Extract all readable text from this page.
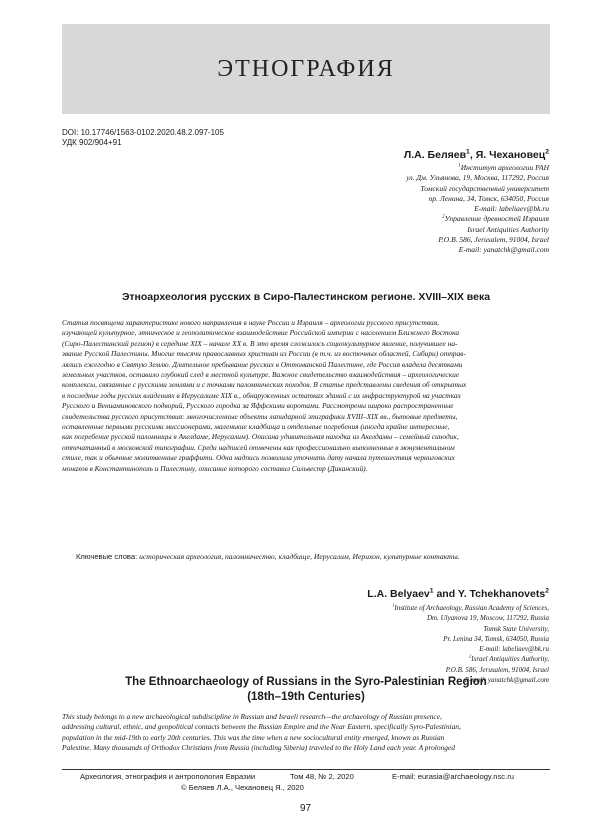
ЭТНОГРАФИЯ
DOI: 10.17746/1563-0102.2020.48.2.097-105
УДК 902/904+91
Л.А. Беляев$^1$, Я. Чехановец$^2$
$^1$Институт археологии РАН
ул. Дм. Ульянова, 19, Москва, 117292, Россия
Томский государственный университет
пр. Ленина, 34, Томск, 634050, Россия
E-mail: labeliaev@bk.ru
$^2$Управление древностей Израиля
Israel Antiquities Authority
P.O.B. 586, Jerusalem, 91004, Israel
E-mail: yanatchk@gmail.com
Этноархеология русских в Сиро-Палестинском регионе. XVIII–XIX века
Статья посвящена характеристике нового направления в науке России и Израиля – археологии русского присутствия,
изучающей культурное, этническое и геополитическое взаимодействие Российской империи с населением Ближнего Востока
(Сиро-Палестинский регион) в середине XIX – начале XX в. В это время сложилось социокультурное явление, получившее на-
звание Русской Палестины. Многие тысячи православных христиан из России (в т.ч. из восточных областей, Сибири) отправ-
лялись ежегодно в Святую Землю. Длительное пребывание русских в Оттоманской Палестине, где Россия владела десятками
земельных участков, оставило глубокий след в местной культуре. Важное свидетельство взаимодействия – археологические
комплексы, связанные с русскими землями и с точками паломнических походов. В статье представлены сведения об открытых
в последние годы русских владениях в Иерусалиме XIX в., обнаруженных остатках зданий с их инфраструктурой на участках
Русского и Вениаминовского подворий, Русского городка за Яффскими воротами. Рассмотрены широко распространенные
свидетельства русского присутствия: многочисленные объекты лапидарной эпиграфики XVIII–XIX вв., бытовые предметы,
оставленные первыми русскими миссионерами, маленькие кладбища и отдельные погребения (иногда крайне интересные,
как погребение русской паломницы в Акелдаме, Иерусалим). Описана удивительная находка из Акелдамы – семейный синодик,
отпечатанный в московской типографии. Среди надписей отмечены как профессионально выполненные в монументальном
стиле, так и обычные молитвенные граффити. Одна надпись позволила уточнить дату начала путешествия черниговских
монахов в Константинополь и Палестину, описание которого составил Сильвестр (Диканский).
Ключевые слова: историческая археология, паломничество, кладбище, Иерусалим, Иерихон, культурные контакты.
L.A. Belyaev$^1$ and Y. Tchekhanovets$^2$
$^1$Institute of Archaeology, Russian Academy of Sciences,
Dm. Ulyanova 19, Moscow, 117292, Russia
Tomsk State University,
Pr. Lenina 34, Tomsk, 634050, Russia
E-mail: labeliaev@bk.ru
$^2$Israel Antiquities Authority,
P.O.B. 586, Jerusalem, 91004, Israel
E-mail: yanatchk@gmail.com
The Ethnoarchaeology of Russians in the Syro-Palestinian Region
(18th–19th Centuries)
This study belongs to a new archaeological subdiscipline in Russian and Israeli research—the archaeology of Russian presence,
addressing cultural, ethnic, and geopolitical contacts between the Russian Empire and the Near Eastern, specifically Syro-Palestinian,
population in the mid-19th to early 20th centuries. This was the time when a new sociocultural entity emerged, known as Russian
Palestine. Many thousands of Orthodox Christians from Russia (including Siberia) traveled to the Holy Land each year. A prolonged
Археология, этнография и антропология Евразии	Том 48, № 2, 2020	E-mail: eurasia@archaeology.nsc.ru
© Беляев Л.А., Чехановец Я., 2020
97
